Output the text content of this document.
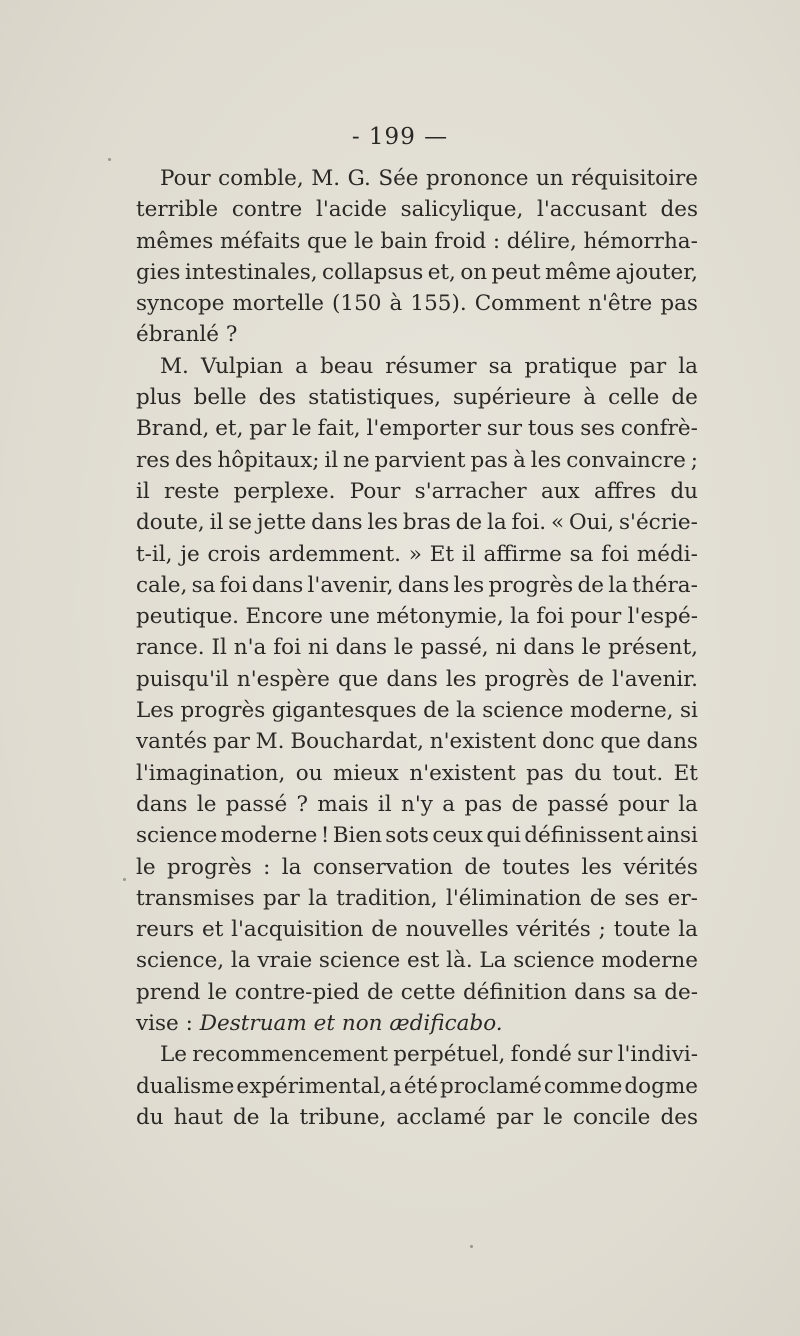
- 199 —
Pour comble, M. G. Sée prononce un réquisitoire
terrible contre l'acide salicylique, l'accusant des
mêmes méfaits que le bain froid : délire, hémorrha-
gies intestinales, collapsus et, on peut même ajouter,
syncope mortelle (150 à 155). Comment n'être pas
ébranlé ?
M. Vulpian a beau résumer sa pratique par la
plus belle des statistiques, supérieure à celle de
Brand, et, par le fait, l'emporter sur tous ses confrè-
res des hôpitaux; il ne parvient pas à les convaincre ;
il reste perplexe. Pour s'arracher aux affres du
doute, il se jette dans les bras de la foi. « Oui, s'écrie-
t-il, je crois ardemment. » Et il affirme sa foi médi-
cale, sa foi dans l'avenir, dans les progrès de la théra-
peutique. Encore une métonymie, la foi pour l'espé-
rance. Il n'a foi ni dans le passé, ni dans le présent,
puisqu'il n'espère que dans les progrès de l'avenir.
Les progrès gigantesques de la science moderne, si
vantés par M. Bouchardat, n'existent donc que dans
l'imagination, ou mieux n'existent pas du tout. Et
dans le passé ? mais il n'y a pas de passé pour la
science moderne ! Bien sots ceux qui définissent ainsi
le progrès : la conservation de toutes les vérités
transmises par la tradition, l'élimination de ses er-
reurs et l'acquisition de nouvelles vérités ; toute la
science, la vraie science est là. La science moderne
prend le contre-pied de cette définition dans sa de-
vise : Destruam et non ædificabo.
Le recommencement perpétuel, fondé sur l'indivi-
dualisme expérimental, a été proclamé comme dogme
du haut de la tribune, acclamé par le concile des
